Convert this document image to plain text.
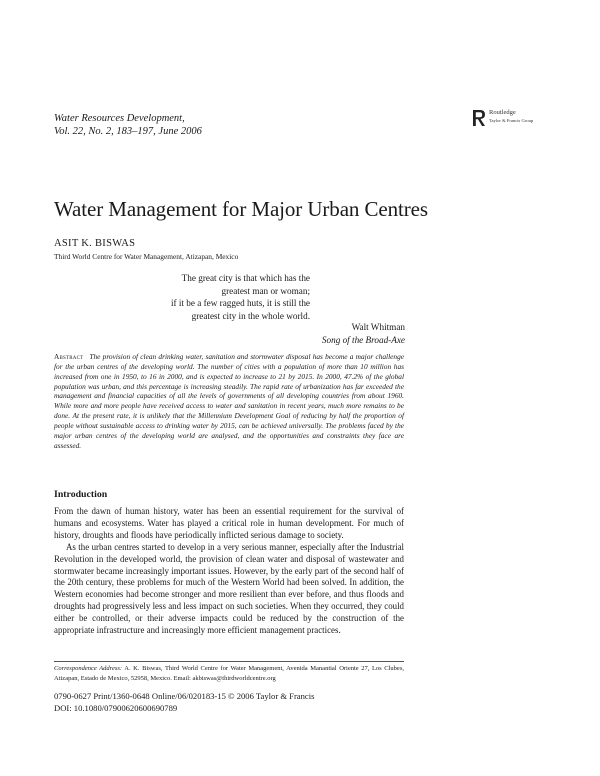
Water Resources Development,
Vol. 22, No. 2, 183–197, June 2006
Routledge
Taylor & Francis Group
Water Management for Major Urban Centres
ASIT K. BISWAS
Third World Centre for Water Management, Atizapan, Mexico
The great city is that which has the
greatest man or woman;
if it be a few ragged huts, it is still the
greatest city in the whole world.
Walt Whitman
Song of the Broad-Axe
Abstract The provision of clean drinking water, sanitation and stormwater disposal has become a major challenge for the urban centres of the developing world. The number of cities with a population of more than 10 million has increased from one in 1950, to 16 in 2000, and is expected to increase to 21 by 2015. In 2000, 47.2% of the global population was urban, and this percentage is increasing steadily. The rapid rate of urbanization has far exceeded the management and financial capacities of all the levels of governments of all developing countries from about 1960. While more and more people have received access to water and sanitation in recent years, much more remains to be done. At the present rate, it is unlikely that the Millennium Development Goal of reducing by half the proportion of people without sustainable access to drinking water by 2015, can be achieved universally. The problems faced by the major urban centres of the developing world are analysed, and the opportunities and constraints they face are assessed.
Introduction

From the dawn of human history, water has been an essential requirement for the survival of humans and ecosystems. Water has played a critical role in human development. For much of history, droughts and floods have periodically inflicted serious damage to society.

As the urban centres started to develop in a very serious manner, especially after the Industrial Revolution in the developed world, the provision of clean water and disposal of wastewater and stormwater became increasingly important issues. However, by the early part of the second half of the 20th century, these problems for much of the Western World had been solved. In addition, the Western economies had become stronger and more resilient than ever before, and thus floods and droughts had progressively less and less impact on such societies. When they occurred, they could either be controlled, or their adverse impacts could be reduced by the construction of the appropriate infrastructure and increasingly more efficient management practices.

Correspondence Address: A. K. Biswas, Third World Centre for Water Management, Avenida Manantial Oriente 27, Los Clubes, Atizapan, Estado de Mexico, 52958, Mexico. Email: akbiswas@thirdworldcentre.org
0790-0627 Print/1360-0648 Online/06/020183-15 © 2006 Taylor & Francis
DOI: 10.1080/07900620600690789
